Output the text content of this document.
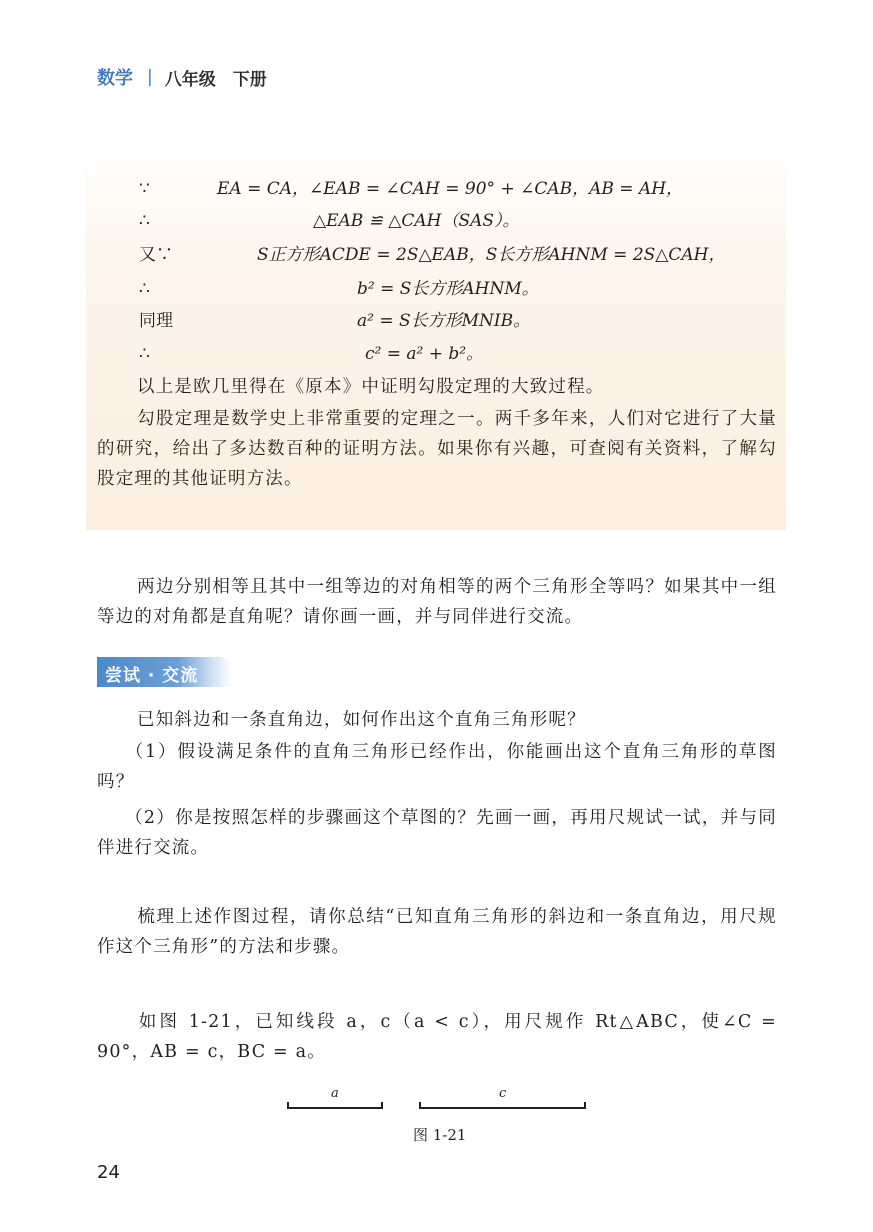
数学 | 八年级　下册
∵	EA = CA，∠EAB = ∠CAH = 90° + ∠CAB，AB = AH，
∴	△EAB ≌ △CAH（SAS）。
又∵	S正方形ACDE = 2S△EAB，S长方形AHNM = 2S△CAH，
∴	b² = S长方形AHNM。
同理	a² = S长方形MNIB。
∴	c² = a² + b²。
以上是欧几里得在《原本》中证明勾股定理的大致过程。
勾股定理是数学史上非常重要的定理之一。两千多年来，人们对它进行了大量的研究，给出了多达数百种的证明方法。如果你有兴趣，可查阅有关资料，了解勾股定理的其他证明方法。
两边分别相等且其中一组等边的对角相等的两个三角形全等吗？如果其中一组等边的对角都是直角呢？请你画一画，并与同伴进行交流。
尝试 · 交流
已知斜边和一条直角边，如何作出这个直角三角形呢？
（1）假设满足条件的直角三角形已经作出，你能画出这个直角三角形的草图吗？
（2）你是按照怎样的步骤画这个草图的？先画一画，再用尺规试一试，并与同伴进行交流。
梳理上述作图过程，请你总结“已知直角三角形的斜边和一条直角边，用尺规作这个三角形”的方法和步骤。
如图 1-21，已知线段 a，c（a < c），用尺规作 Rt△ABC，使∠C = 90°，AB = c，BC = a。
a	c
图 1-21
24
